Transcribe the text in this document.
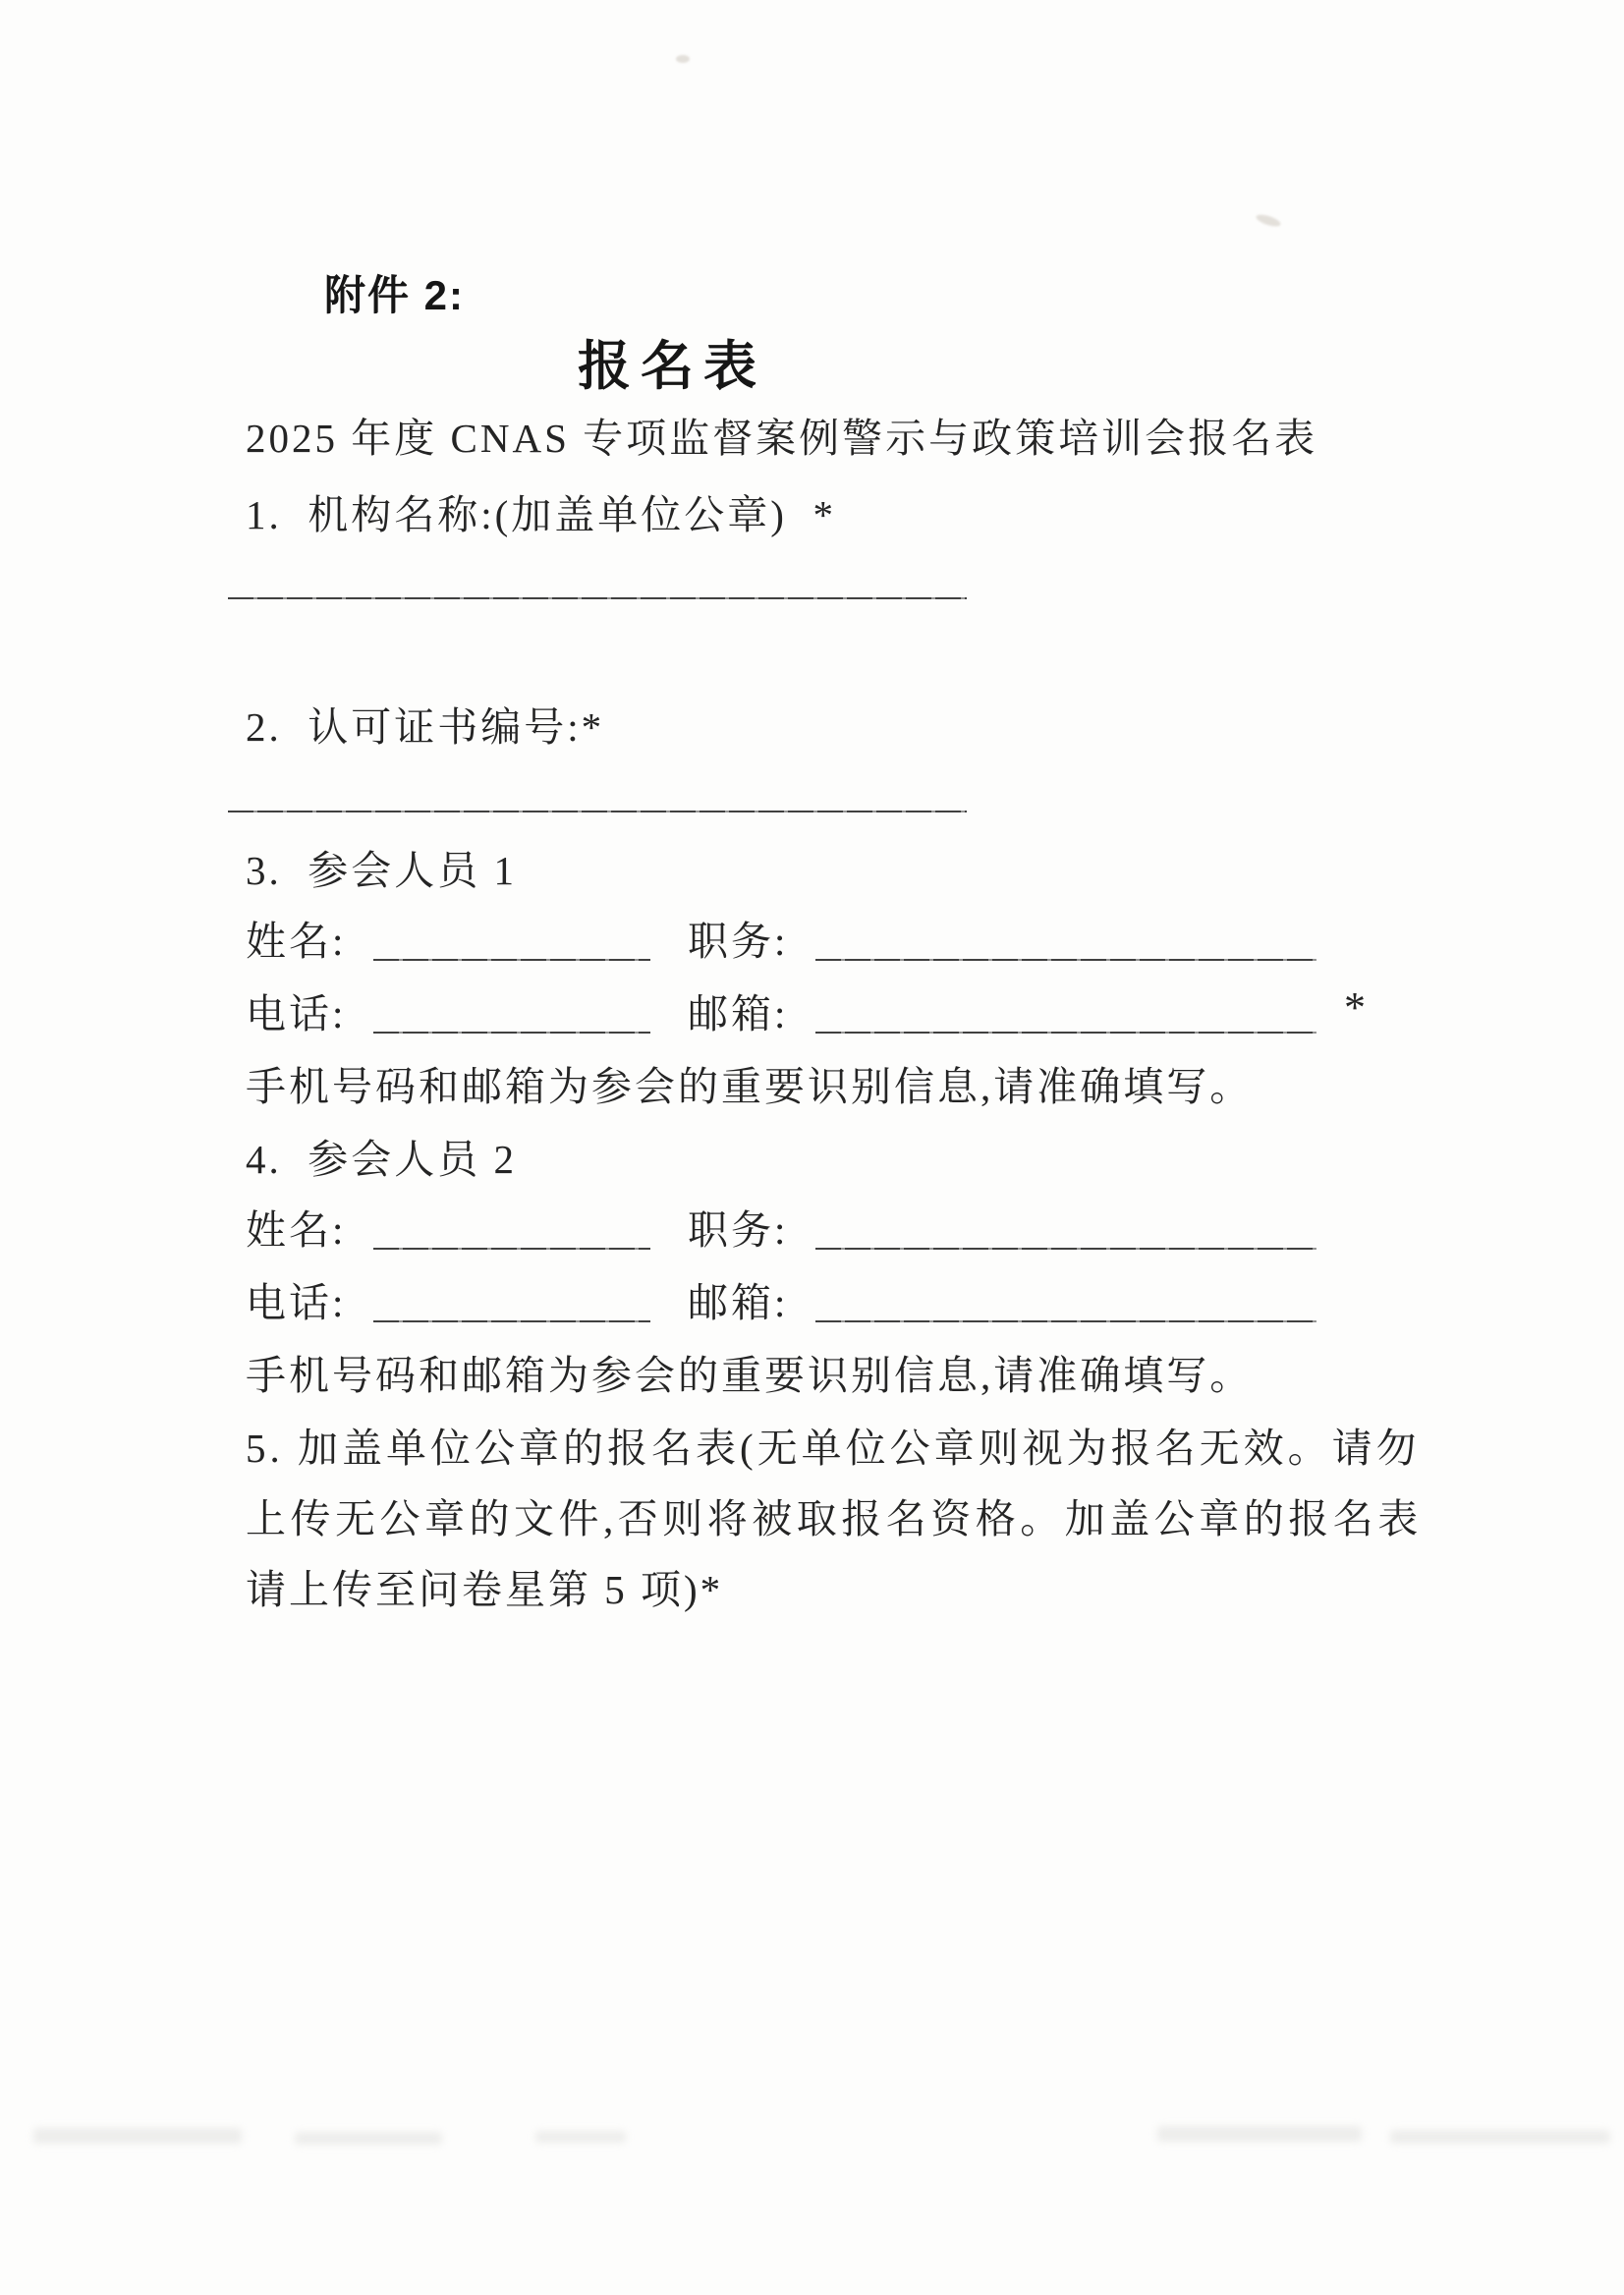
附件 2:
报名表
2025 年度 CNAS 专项监督案例警示与政策培训会报名表
1.  机构名称:(加盖单位公章)  *
2.  认可证书编号:*
3.  参会人员 1
姓名:	职务:
电话:	邮箱:	*
手机号码和邮箱为参会的重要识别信息,请准确填写。
4.  参会人员 2
姓名:	职务:
电话:	邮箱:
手机号码和邮箱为参会的重要识别信息,请准确填写。
5. 加盖单位公章的报名表(无单位公章则视为报名无效。请勿
上传无公章的文件,否则将被取报名资格。加盖公章的报名表
请上传至问卷星第 5 项)*
